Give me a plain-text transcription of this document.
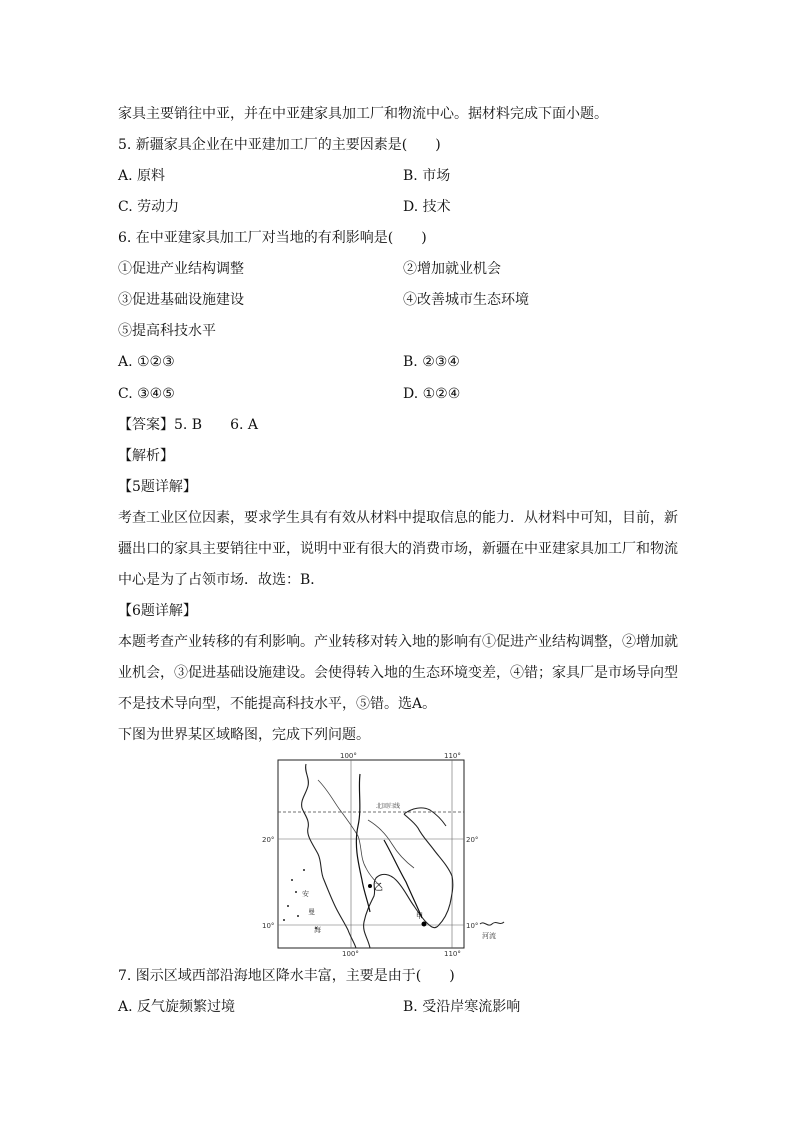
家具主要销往中亚，并在中亚建家具加工厂和物流中心。据材料完成下面小题。
5. 新疆家具企业在中亚建加工厂的主要因素是(　　)
A. 原料	B. 市场
C. 劳动力	D. 技术
6. 在中亚建家具加工厂对当地的有利影响是(　　)
①促进产业结构调整	②增加就业机会
③促进基础设施建设	④改善城市生态环境
⑤提高科技水平
A. ①②③	B. ②③④
C. ③④⑤	D. ①②④
【答案】5. B　　6. A
【解析】
【5题详解】
考查工业区位因素，要求学生具有有效从材料中提取信息的能力．从材料中可知，目前，新疆出口的家具主要销往中亚，说明中亚有很大的消费市场，新疆在中亚建家具加工厂和物流中心是为了占领市场．故选：B．
【6题详解】
本题考查产业转移的有利影响。产业转移对转入地的影响有①促进产业结构调整，②增加就业机会，③促进基础设施建设。会使得转入地的生态环境变差，④错；家具厂是市场导向型不是技术导向型，不能提高科技水平，⑤错。选A。
下图为世界某区域略图，完成下列问题。
100°	110°
100°	110°
20°	20°
10°	10°
北回归线
乙
甲
安
曼
海
河流
7. 图示区域西部沿海地区降水丰富，主要是由于(　　)
A. 反气旋频繁过境	B. 受沿岸寒流影响
